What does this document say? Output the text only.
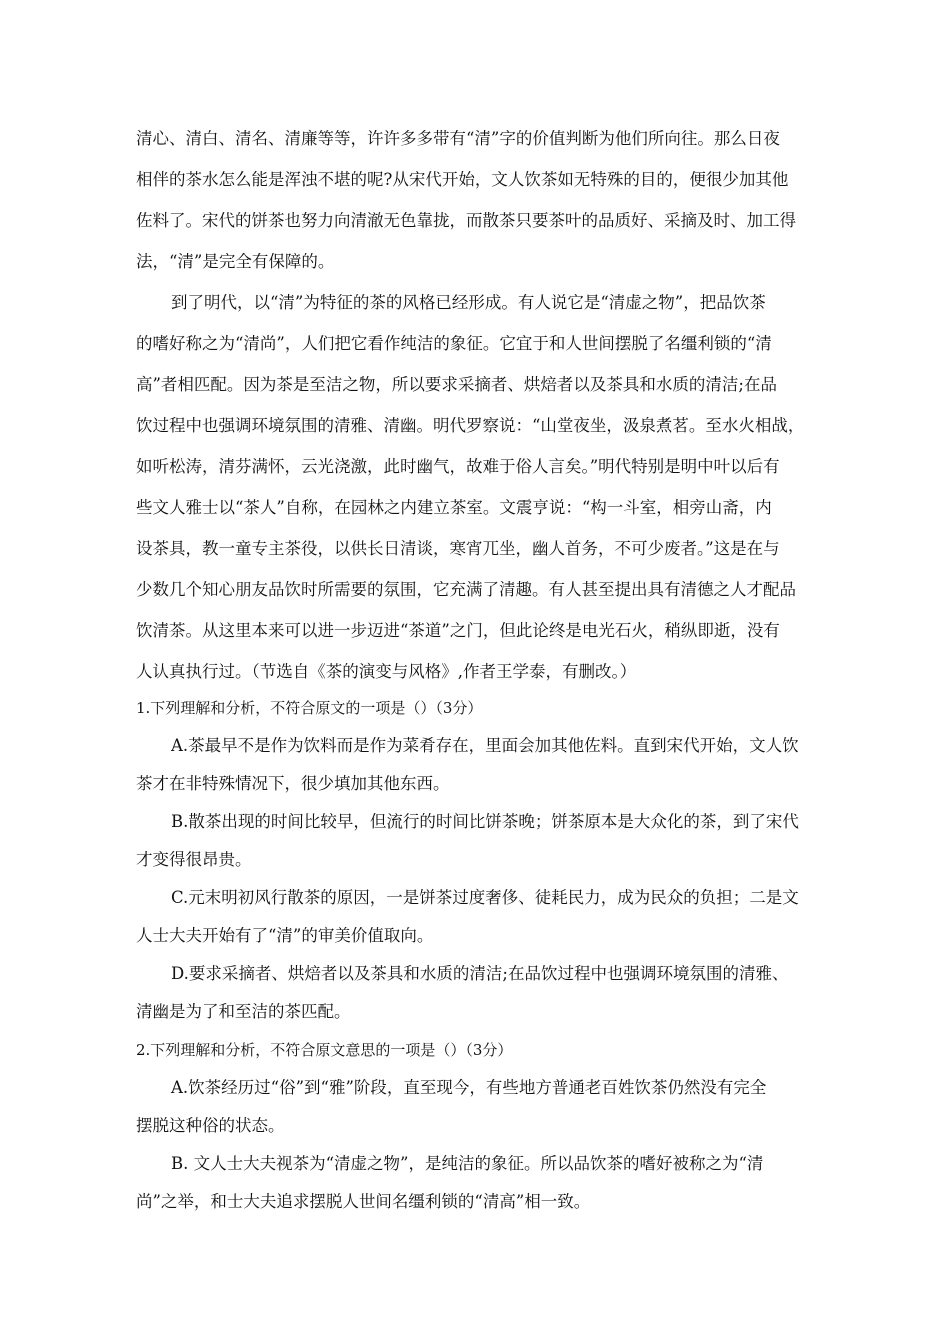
清心、清白、清名、清廉等等，许许多多带有“清”字的价值判断为他们所向往。那么日夜
相伴的茶水怎么能是浑浊不堪的呢?从宋代开始，文人饮茶如无特殊的目的，便很少加其他
佐料了。宋代的饼茶也努力向清澈无色靠拢，而散茶只要茶叶的品质好、采摘及时、加工得
法，“清”是完全有保障的。
到了明代，以“清”为特征的茶的风格已经形成。有人说它是“清虚之物”，把品饮茶
的嗜好称之为“清尚”，人们把它看作纯洁的象征。它宜于和人世间摆脱了名缰利锁的“清
高”者相匹配。因为茶是至洁之物，所以要求采摘者、烘焙者以及茶具和水质的清洁;在品
饮过程中也强调环境氛围的清雅、清幽。明代罗察说：“山堂夜坐，汲泉煮茗。至水火相战，
如听松涛，清芬满怀，云光浇激，此时幽气，故难于俗人言矣。”明代特别是明中叶以后有
些文人雅士以“茶人”自称，在园林之内建立茶室。文震亨说：“构一斗室，相旁山斋，内
设茶具，教一童专主茶役，以供长日清谈，寒宵兀坐，幽人首务，不可少废者。”这是在与
少数几个知心朋友品饮时所需要的氛围，它充满了清趣。有人甚至提出具有清德之人才配品
饮清茶。从这里本来可以进一步迈进“茶道”之门，但此论终是电光石火，稍纵即逝，没有
人认真执行过。（节选自《茶的演变与风格》,作者王学泰，有删改。）
1.下列理解和分析，不符合原文的一项是（）（3分）
A.茶最早不是作为饮料而是作为菜肴存在，里面会加其他佐料。直到宋代开始，文人饮
茶才在非特殊情况下，很少填加其他东西。
B.散茶出现的时间比较早，但流行的时间比饼茶晚；饼茶原本是大众化的茶，到了宋代
才变得很昂贵。
C.元末明初风行散茶的原因，一是饼茶过度奢侈、徒耗民力，成为民众的负担；二是文
人士大夫开始有了“清”的审美价值取向。
D.要求采摘者、烘焙者以及茶具和水质的清洁;在品饮过程中也强调环境氛围的清雅、
清幽是为了和至洁的茶匹配。
2.下列理解和分析，不符合原文意思的一项是（）（3分）
A.饮茶经历过“俗”到“雅”阶段，直至现今，有些地方普通老百姓饮茶仍然没有完全
摆脱这种俗的状态。
B. 文人士大夫视茶为“清虚之物”，是纯洁的象征。所以品饮茶的嗜好被称之为“清
尚”之举，和士大夫追求摆脱人世间名缰利锁的“清高”相一致。
